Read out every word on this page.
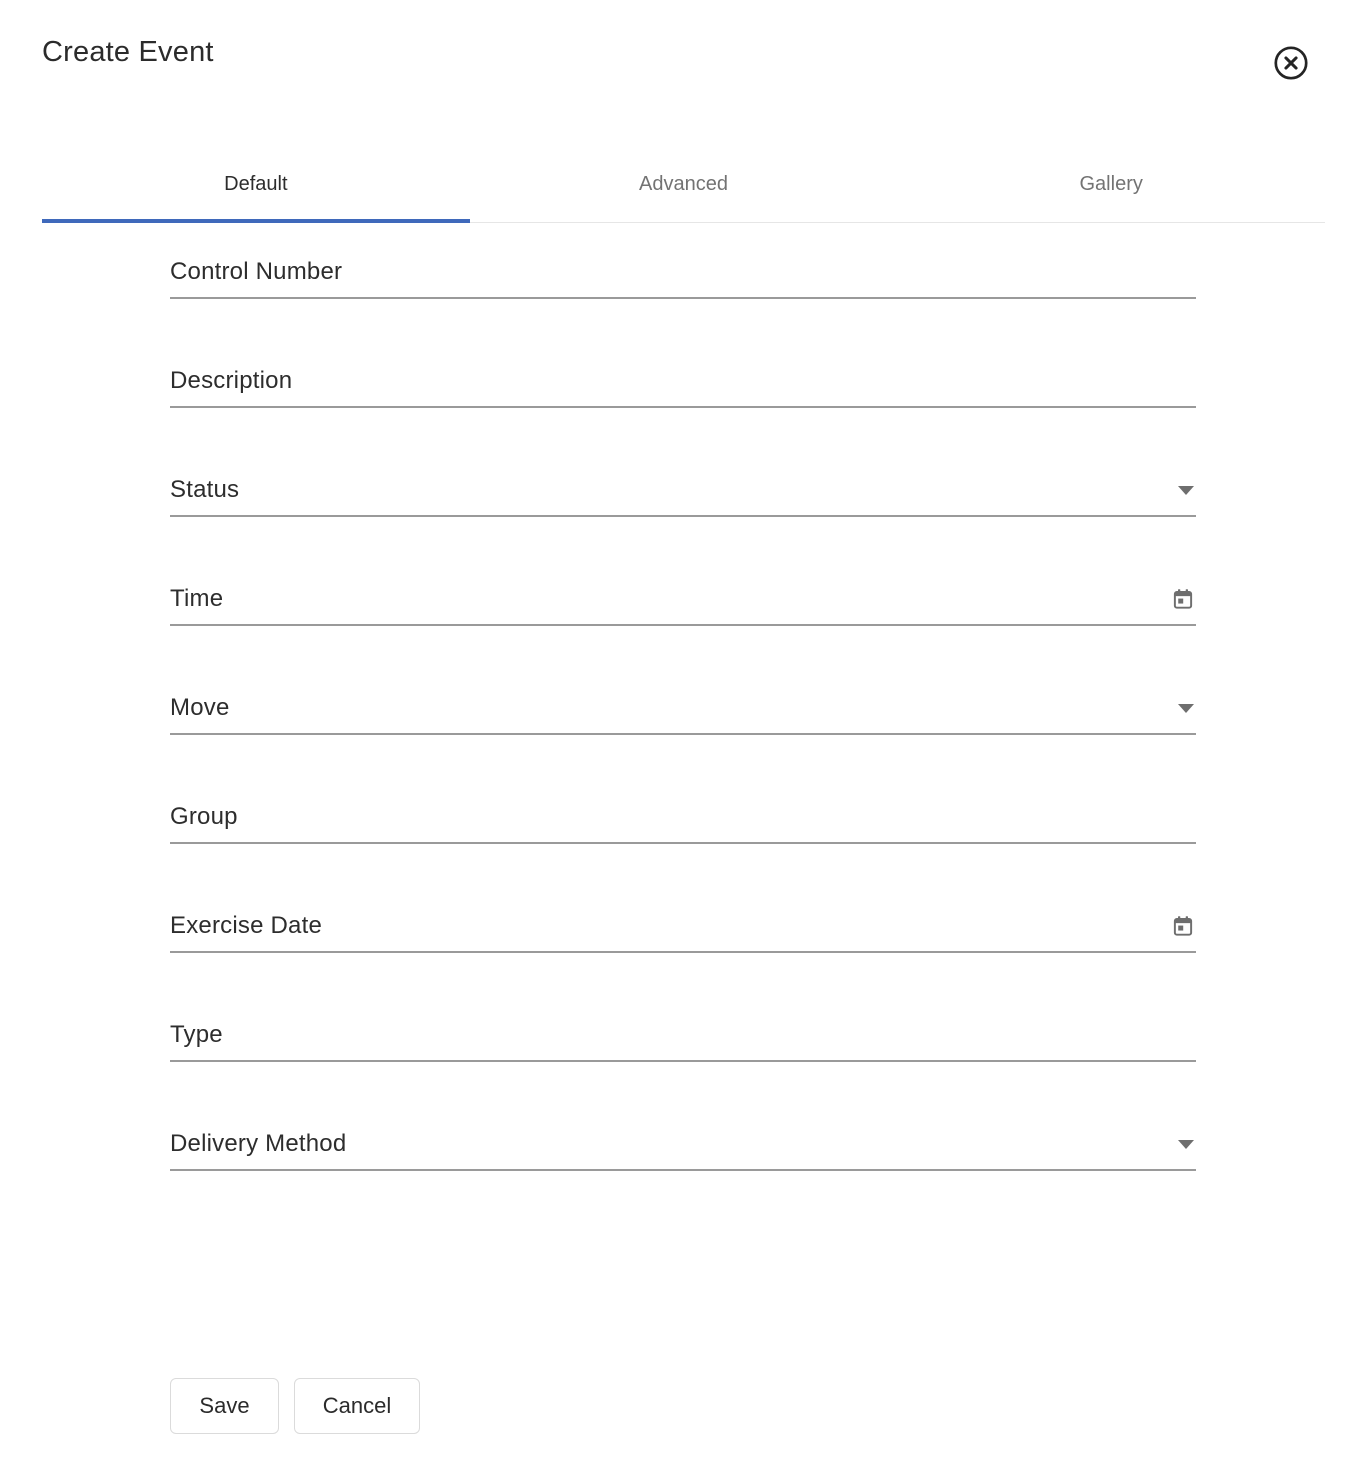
Create Event
Default	Advanced	Gallery
Control Number
Description
Status
Time
Move
Group
Exercise Date
Type
Delivery Method
Save	Cancel
